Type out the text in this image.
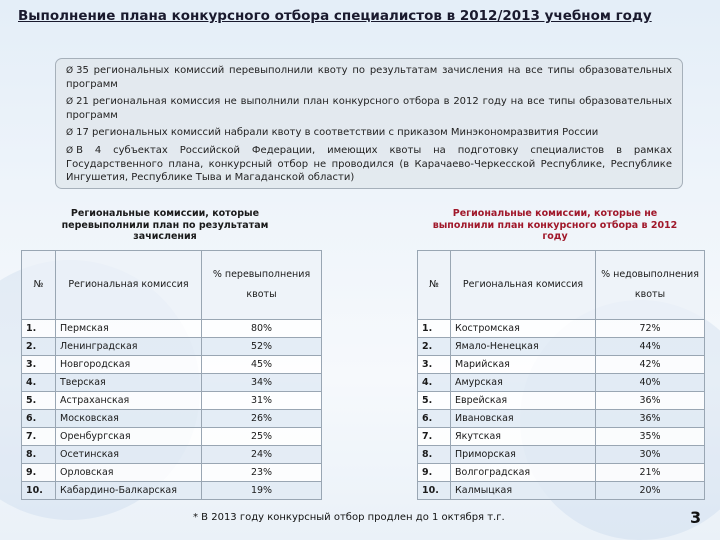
Выполнение плана конкурсного отбора специалистов в 2012/2013 учебном году

Ø 35 региональных комиссий перевыполнили квоту по результатам зачисления на все типы образовательных программ

Ø 21 региональная комиссия не выполнили план конкурсного отбора в 2012 году на все типы образовательных программ

Ø 17 региональных комиссий набрали квоту в соответствии с приказом Минэкономразвития России

Ø В 4 субъектах Российской Федерации, имеющих квоты на подготовку специалистов в рамках Государственного плана, конкурсный отбор не проводился (в Карачаево-Черкесской Республике, Республике Ингушетия, Республике Тыва и Магаданской области)

Региональные комиссии, которые перевыполнили план по результатам зачисления
Региональные комиссии, которые не выполнили план конкурсного отбора в 2012 году
№	Региональная комиссия	% перевыполнения квоты
1.	Пермская	80%
2.	Ленинградская	52%
3.	Новгородская	45%
4.	Тверская	34%
5.	Астраханская	31%
6.	Московская	26%
7.	Оренбургская	25%
8.	Осетинская	24%
9.	Орловская	23%
10.	Кабардино-Балкарская	19%
№	Региональная комиссия	% недовыполнения квоты
1.	Костромская	72%
2.	Ямало-Ненецкая	44%
3.	Марийская	42%
4.	Амурская	40%
5.	Еврейская	36%
6.	Ивановская	36%
7.	Якутская	35%
8.	Приморская	30%
9.	Волгоградская	21%
10.	Калмыцкая	20%
* В 2013 году конкурсный отбор продлен до 1 октября т.г.	3
